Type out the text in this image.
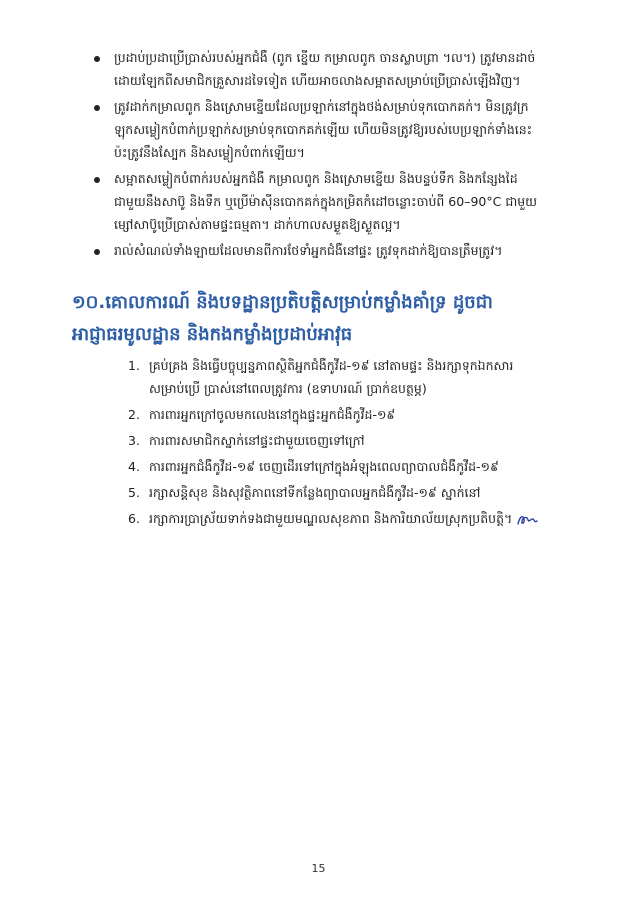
ប្រដាប់ប្រដាប្រើប្រាស់របស់អ្នកជំងឺ (ពូក ខ្នើយ កម្រាលពូក ចានស្លាបព្រា ។ល។) ត្រូវមានដាច់
ដោយឡែកពីសមាជិកគ្រួសារដទៃទៀត ហើយអាចលាងសម្អាតសម្រាប់ប្រើប្រាស់ឡើងវិញ។
ត្រូវដាក់កម្រាលពូក និងស្រោមខ្នើយដែលប្រឡាក់នៅក្នុងថង់សម្រាប់ទុកបោកគក់។ មិនត្រូវក្រ
ឡុកសម្លៀកបំពាក់ប្រឡាក់សម្រាប់ទុកបោកគក់ឡើយ ហើយមិនត្រូវឱ្យរបស់បេប្រឡាក់ទាំងនេះ
ប៉ះត្រូវនឹងស្បែក និងសម្លៀកបំពាក់ឡើយ។
សម្អាតសម្លៀកបំពាក់របស់អ្នកជំងឺ កម្រាលពូក និងស្រោមខ្នើយ និងបន្ទប់ទឹក និងកន្សែងដៃ
ជាមួយនឹងសាប៊ូ និងទឹក ឬប្រើម៉ាស៊ីនបោកគក់ក្នុងកម្រិតកំដៅចន្លោះចាប់ពី 60–90°C ជាមួយ
ម្សៅសាប៊ូប្រើប្រាស់តាមផ្ទះធម្មតា។ ដាក់ហាលសម្ងួតឱ្យស្ងួតល្អ។
រាល់សំណល់ទាំងឡាយដែលមានពីការថែទាំអ្នកជំងឺនៅផ្ទះ ត្រូវទុកដាក់ឱ្យបានត្រឹមត្រូវ។
១០.គោលការណ៍ និងបទដ្ឋានប្រតិបត្តិសម្រាប់កម្លាំងគាំទ្រ ដូចជា
អាជ្ញាធរមូលដ្ឋាន និងកងកម្លាំងប្រដាប់អាវុធ
1. គ្រប់គ្រង និងធ្វើបច្ចុប្បន្នភាពស្ថិតិអ្នកជំងឺកូវីដ-១៩ នៅតាមផ្ទះ និងរក្សាទុកឯកសារ
សម្រាប់ប្រើ ប្រាស់នៅពេលត្រូវការ (ឧទាហរណ៍ ប្រាក់ឧបត្ថម្ភ)
2. ការពារអ្នកក្រៅចូលមកលេងនៅក្នុងផ្ទះអ្នកជំងឺកូវីដ-១៩
3. ការពារសមាជិកស្នាក់នៅផ្ទះជាមួយចេញទៅក្រៅ
4. ការពារអ្នកជំងឺកូវីដ-១៩ ចេញដើរទៅក្រៅក្នុងអំឡុងពេលព្យាបាលជំងឺកូវីដ-១៩
5. រក្សាសន្តិសុខ និងសុវត្ថិភាពនៅទីកន្លែងព្យាបាលអ្នកជំងឺកូវីដ-១៩ ស្នាក់នៅ
6. រក្សាការប្រាស្រ័យទាក់ទងជាមួយមណ្ឌលសុខភាព និងការិយាល័យស្រុកប្រតិបត្តិ។
15
